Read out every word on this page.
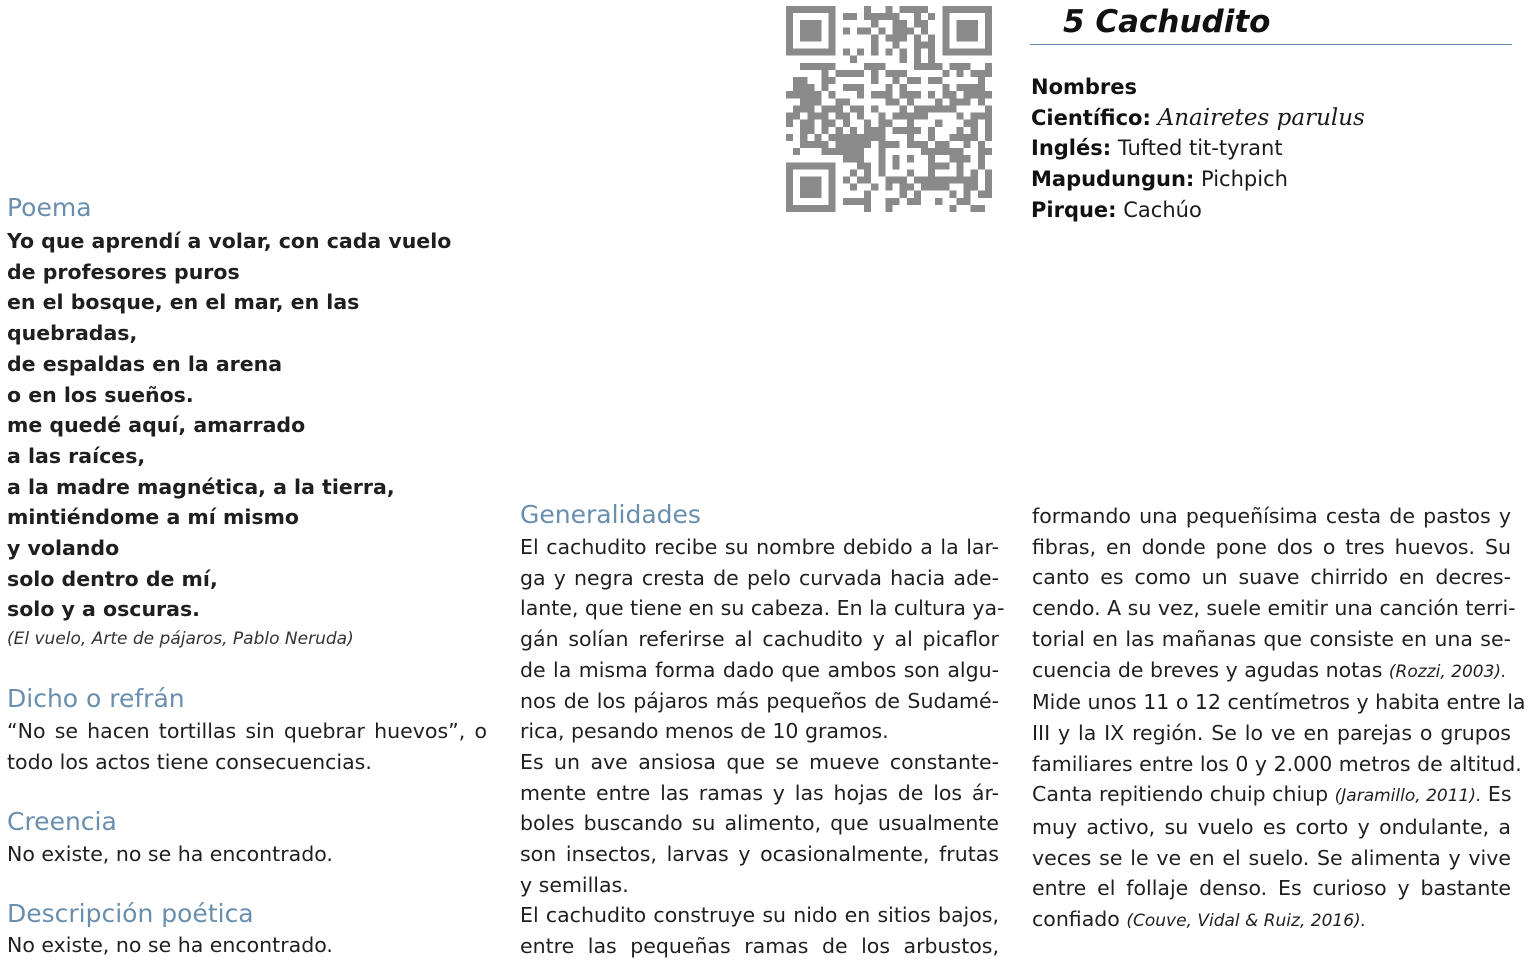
5 Cachudito
Nombres
Científico: Anairetes parulus
Inglés: Tufted tit-tyrant
Mapudungun: Pichpich
Pirque: Cachúo
Poema
Yo que aprendí a volar, con cada vuelo
de profesores puros
en el bosque, en el mar, en las
quebradas,
de espaldas en la arena
o en los sueños.
me quedé aquí, amarrado
a las raíces,
a la madre magnética, a la tierra,
mintiéndome a mí mismo
y volando
solo dentro de mí,
solo y a oscuras.
(El vuelo, Arte de pájaros, Pablo Neruda)
Dicho o refrán
“No se hacen tortillas sin quebrar huevos”, o
todo los actos tiene consecuencias.
Creencia
No existe, no se ha encontrado.
Descripción poética
No existe, no se ha encontrado.
Generalidades
El cachudito recibe su nombre debido a la lar-
ga y negra cresta de pelo curvada hacia ade-
lante, que tiene en su cabeza. En la cultura ya-
gán solían referirse al cachudito y al picaflor
de la misma forma dado que ambos son algu-
nos de los pájaros más pequeños de Sudamé-
rica, pesando menos de 10 gramos.
Es un ave ansiosa que se mueve constante-
mente entre las ramas y las hojas de los ár-
boles buscando su alimento, que usualmente
son insectos, larvas y ocasionalmente, frutas
y semillas.
El cachudito construye su nido en sitios bajos,
entre las pequeñas ramas de los arbustos,
formando una pequeñísima cesta de pastos y
fibras, en donde pone dos o tres huevos. Su
canto es como un suave chirrido en decres-
cendo. A su vez, suele emitir una canción terri-
torial en las mañanas que consiste en una se-
cuencia de breves y agudas notas (Rozzi, 2003).
Mide unos 11 o 12 centímetros y habita entre la
III y la IX región. Se lo ve en parejas o grupos
familiares entre los 0 y 2.000 metros de altitud.
Canta repitiendo chuip chiup (Jaramillo, 2011). Es
muy activo, su vuelo es corto y ondulante, a
veces se le ve en el suelo. Se alimenta y vive
entre el follaje denso. Es curioso y bastante
confiado (Couve, Vidal & Ruiz, 2016).
